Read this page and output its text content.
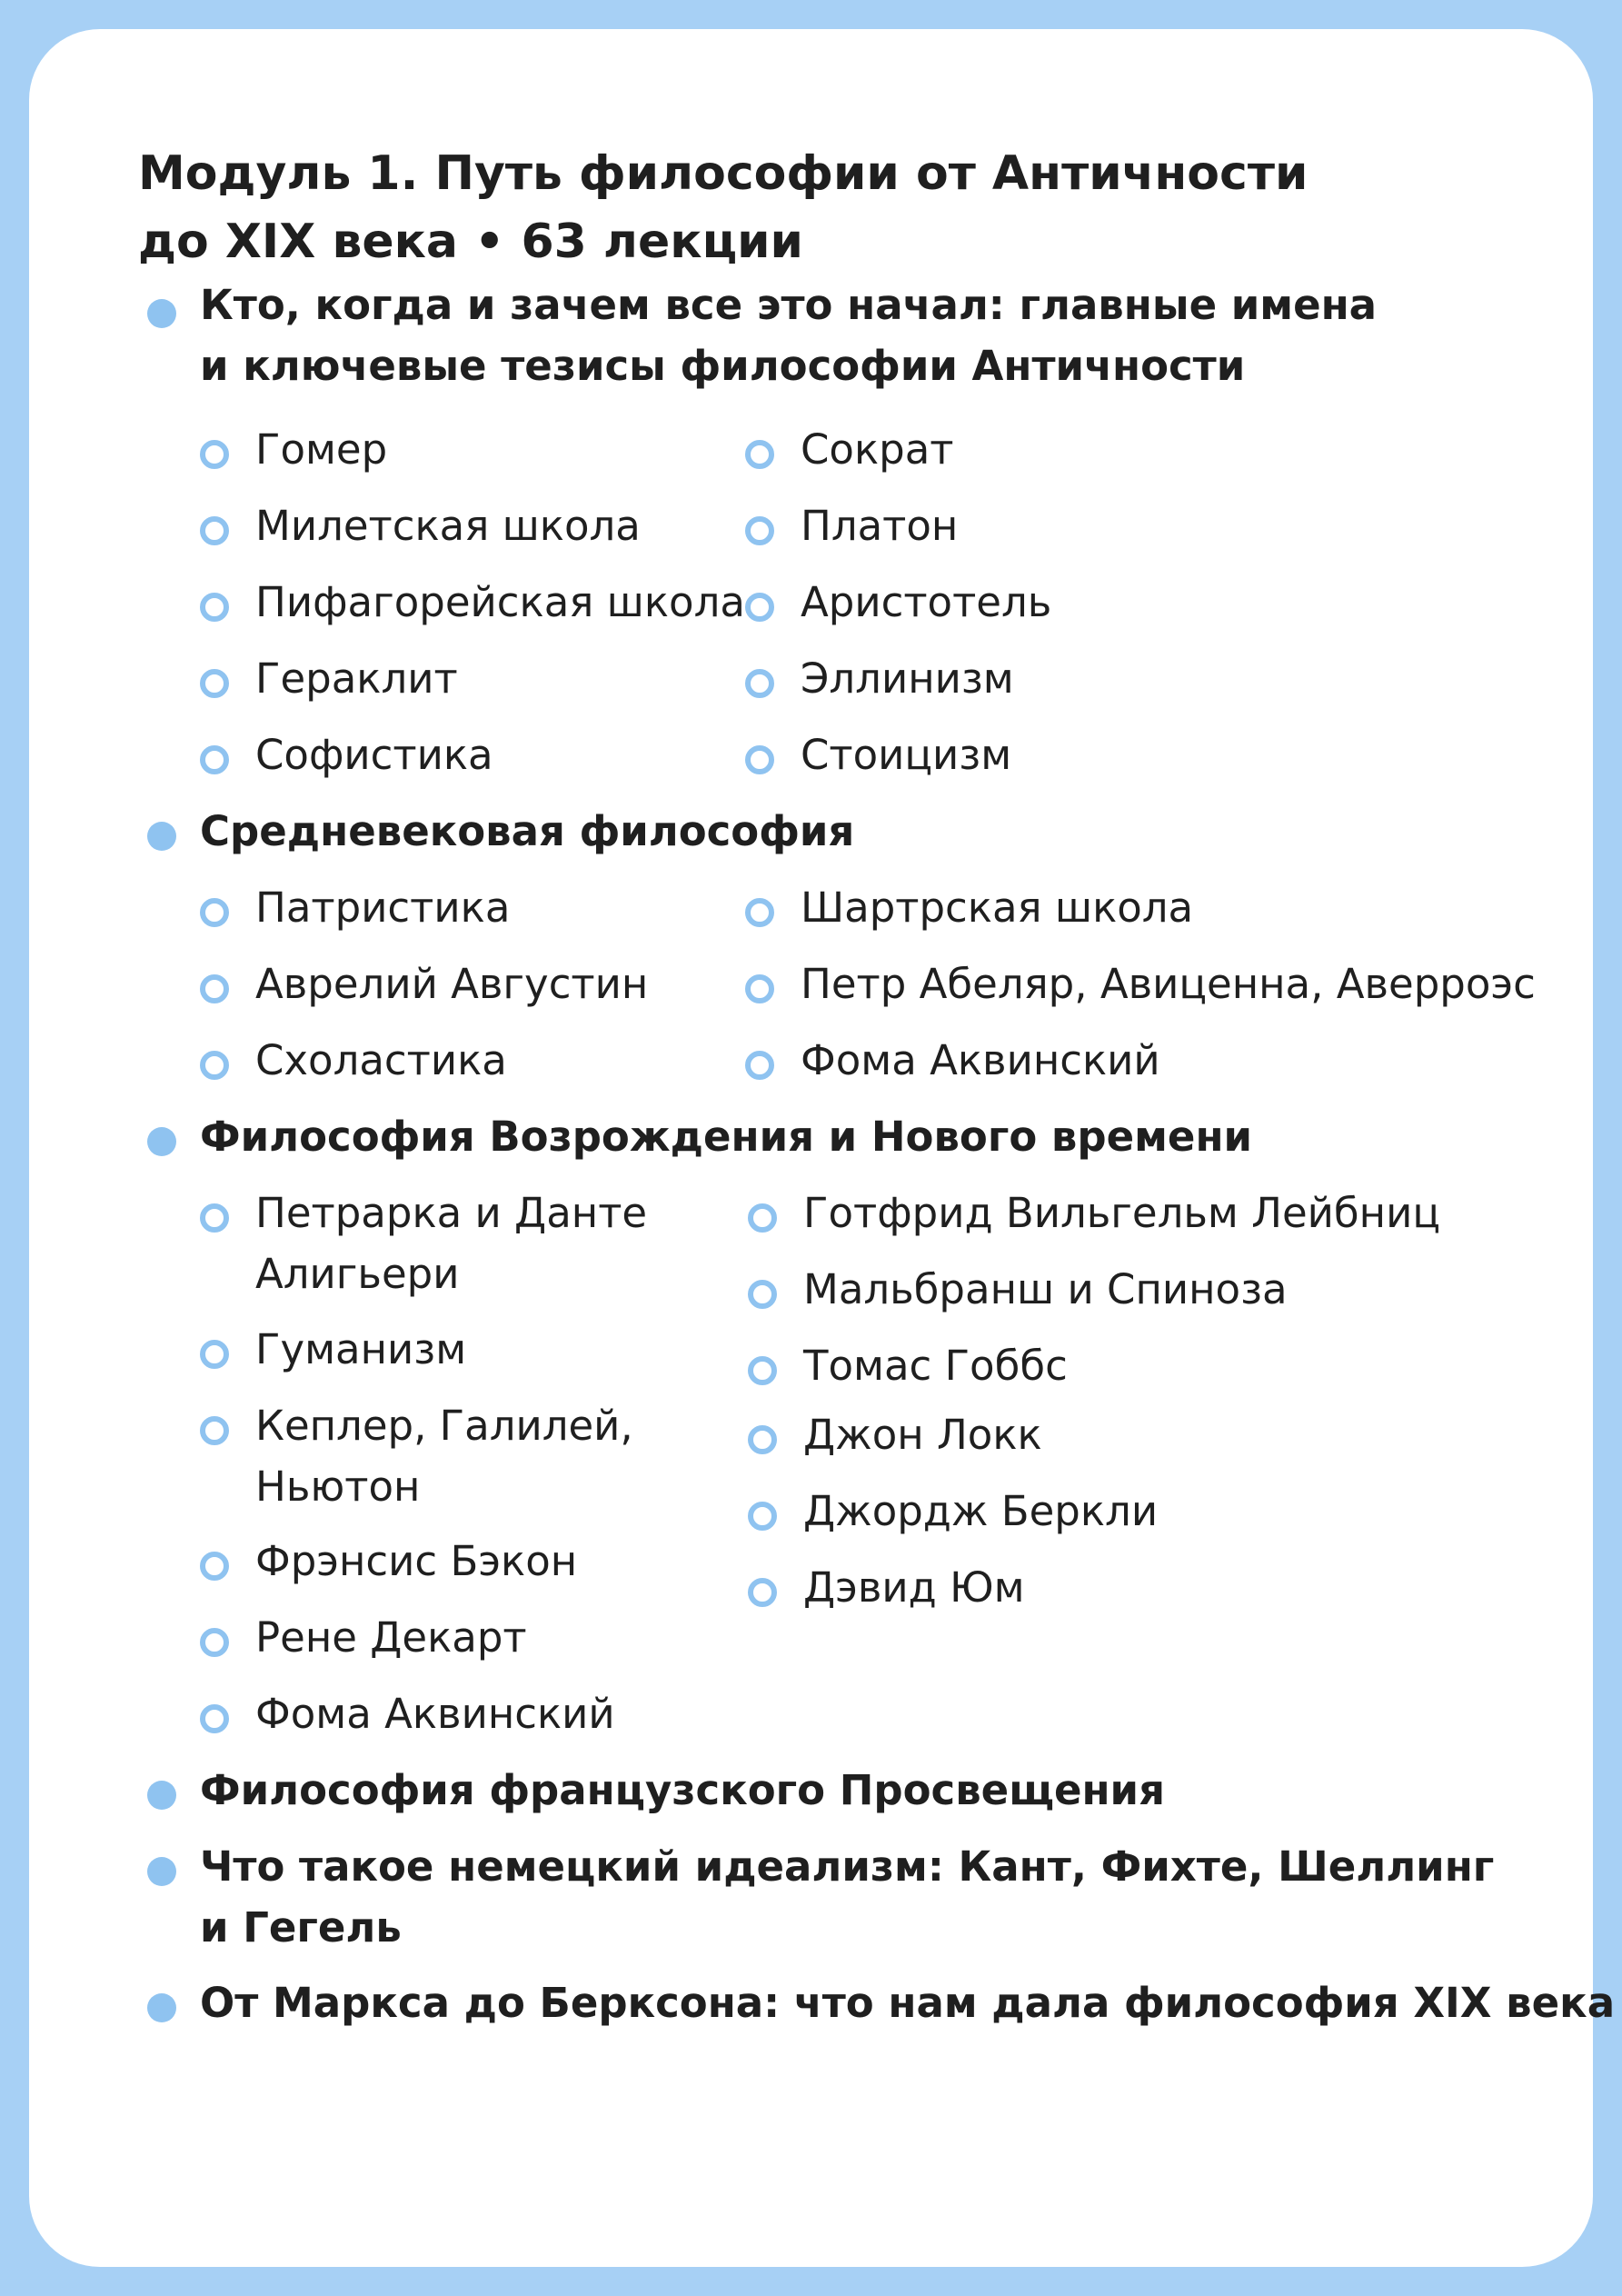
Модуль 1. Путь философии от Античности
до XIX века • 63 лекции
Кто, когда и зачем все это начал: главные имена
и ключевые тезисы философии Античности
Гомер
Милетская школа
Пифагорейская школа
Гераклит
Софистика
Сократ
Платон
Аристотель
Эллинизм
Стоицизм
Средневековая философия
Патристика
Аврелий Августин
Схоластика
Шартрская школа
Петр Абеляр, Авиценна, Аверроэс
Фома Аквинский
Философия Возрождения и Нового времени
Петрарка и Данте
Алигьери
Гуманизм
Кеплер, Галилей,
Ньютон
Фрэнсис Бэкон
Рене Декарт
Фома Аквинский
Готфрид Вильгельм Лейбниц
Мальбранш и Спиноза
Томас Гоббс
Джон Локк
Джордж Беркли
Дэвид Юм
Философия французского Просвещения
Что такое немецкий идеализм: Кант, Фихте, Шеллинг
и Гегель
От Маркса до Берксона: что нам дала философия XIX века
